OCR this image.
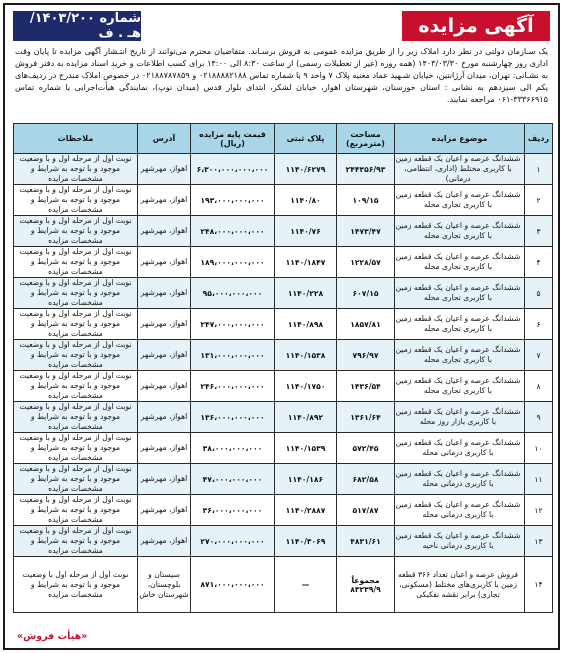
آگهی مزایده
شماره ۱۴۰۳/۲۰۰/ هـ . ف
یک سـازمان دولتی در نظر دارد املاک زیر را از طریق مزایده عمومی به فروش برسـاند. متقاضیان محترم می‌توانند از تاریخ انتـشار آگهی مزایده تا پایان وقت اداری روز چهارشنبه مورخ ۱۴۰۳/۰۳/۳۰ (همه روزه (غیر از تعطیلات رسمی) از ساعت ۸:۳۰ الی ۱۴:۰۰ برای کسب اطلاعات و خرید اسناد مزایده به دفتر فروش به نشـانی: تهران، میدان آرژانتین، خیابان شـهید عماد مغنیه پلاک ۷ واحد ۹ یا شماره تماس ۰۲۱۸۸۸۸۲۱۸۸ و ۰۲۱۸۸۷۸۷۸۵۹ در خصوص املاک مندرج در ردیف‌های یکم الی سیزدهم به نشانی : استان خوزستان، شهرستان اهواز، خیابان لشکر، ابتدای بلوار قدس (میدان توپ)، نمایندگی هیأت‌اجرایی یا شماره تماس ۳۳۳۶۶۹۱۵-۰۶۱ مراجعه نمایند.
ردیف	موضوع مزایده	مساحت (مترمربع)	پلاک ثبتی	قیمت پایه مزایده (ریال)	آدرس	ملاحظات
۱	ششدانگ عرصه و اعیان یک قطعه زمین با کاربری مختلط (اداری، انتظامی، درمانی)	۲۴۴۳۵۶/۹۳	۱۱۴۰/۶۲۷۹	۶،۳۰۰،۰۰۰،۰۰۰،۰۰۰	اهواز، مهرشهر	نوبت اول از مرحله اول و با وضعیت موجود و با توجه به شرایط و مشخصات مزایده
۲	ششدانگ عرصه و اعیان یک قطعه زمین با کاربری تجاری محله	۱۰۹/۱۵	۱۱۴۰/۸۰	۱۹۳،۰۰۰،۰۰۰،۰۰۰	اهواز، مهرشهر	نوبت اول از مرحله اول و با وضعیت موجود و با توجه به شرایط و مشخصات مزایده
۳	ششدانگ عرصه و اعیان یک قطعه زمین با کاربری تجاری محله	۱۴۷۳/۴۷	۱۱۴۰/۷۶	۲۴۸،۰۰۰،۰۰۰،۰۰۰	اهواز، مهرشهر	نوبت اول از مرحله اول و با وضعیت موجود و با توجه به شرایط و مشخصات مزایده
۴	ششدانگ عرصه و اعیان یک قطعه زمین با کاربری تجاری محله	۱۲۲۸/۵۷	۱۱۴۰/۱۸۴۷	۱۸۹،۰۰۰،۰۰۰،۰۰۰	اهواز، مهرشهر	نوبت اول از مرحله اول و با وضعیت موجود و با توجه به شرایط و مشخصات مزایده
۵	ششدانگ عرصه و اعیان یک قطعه زمین با کاربری تجاری محله	۶۰۷/۱۵	۱۱۴۰/۲۲۸	۹۵،۰۰۰،۰۰۰،۰۰۰	اهواز، مهرشهر	نوبت اول از مرحله اول و با وضعیت موجود و با توجه به شرایط و مشخصات مزایده
۶	ششدانگ عرصه و اعیان یک قطعه زمین با کاربری تجاری محله	۱۸۵۷/۸۱	۱۱۴۰/۸۹۸	۲۴۷،۰۰۰،۰۰۰،۰۰۰	اهواز، مهرشهر	نوبت اول از مرحله اول و با وضعیت موجود و با توجه به شرایط و مشخصات مزایده
۷	ششدانگ عرصه و اعیان یک قطعه زمین با کاربری تجاری محله	۷۹۶/۹۷	۱۱۴۰/۱۵۳۸	۱۳۱،۰۰۰،۰۰۰،۰۰۰	اهواز، مهرشهر	نوبت اول از مرحله اول و با وضعیت موجود و با توجه به شرایط و مشخصات مزایده
۸	ششدانگ عرصه و اعیان یک قطعه زمین با کاربری تجاری محله	۱۴۳۶/۵۴	۱۱۴۰/۱۷۵۰	۲۴۶،۰۰۰،۰۰۰،۰۰۰	اهواز، مهرشهر	نوبت اول از مرحله اول و با وضعیت موجود و با توجه به شرایط و مشخصات مزایده
۹	ششدانگ عرصه و اعیان یک قطعه زمین با کاربری بازار روز محله	۱۳۶۱/۶۴	۱۱۴۰/۸۹۲	۱۳۶،۰۰۰،۰۰۰،۰۰۰	اهواز، مهرشهر	نوبت اول از مرحله اول و با وضعیت موجود و با توجه به شرایط و مشخصات مزایده
۱۰	ششدانگ عرصه و اعیان یک قطعه زمین با کاربری درمانی محله	۵۷۲/۴۵	۱۱۴۰/۱۵۳۹	۳۸،۰۰۰،۰۰۰،۰۰۰	اهواز، مهرشهر	نوبت اول از مرحله اول و با وضعیت موجود و با توجه به شرایط و مشخصات مزایده
۱۱	ششدانگ عرصه و اعیان یک قطعه زمین با کاربری درمانی محله	۶۸۲/۵۸	۱۱۴۰/۱۸۶	۴۷،۰۰۰،۰۰۰،۰۰۰	اهواز، مهرشهر	نوبت اول از مرحله اول و با وضعیت موجود و با توجه به شرایط و مشخصات مزایده
۱۲	ششدانگ عرصه و اعیان یک قطعه زمین با کاربری درمانی محله	۵۱۷/۸۷	۱۱۴۰/۲۸۸۷	۳۶،۰۰۰،۰۰۰،۰۰۰	اهواز، مهرشهر	نوبت اول از مرحله اول و با وضعیت موجود و با توجه به شرایط و مشخصات مزایده
۱۳	ششدانگ عرصه و اعیان یک قطعه زمین با کاربری درمانی ناحیه	۴۸۳۱/۶۱	۱۱۴۰/۳۰۶۹	۲۷۰،۰۰۰،۰۰۰،۰۰۰	اهواز، مهرشهر	نوبت اول از مرحله اول و با وضعیت موجود و با توجه به شرایط و مشخصات مزایده
۱۴	فروش عرصه و اعیان تعداد ۳۶۶ قطعه زمین با کاربری‌های مختلط (مسکونی، تجاری) برابر نقشه تفکیکی	مجموعاً ۸۳۲۳۹/۹	—	۸۷۱،۰۰۰،۰۰۰،۰۰۰	سیستان و بلوچستان، شهرستان خاش	نوبت اول از مرحله اول با وضعیت موجود و با توجه به شرایط و مشخصات مزایده
«هیأت فروش»
